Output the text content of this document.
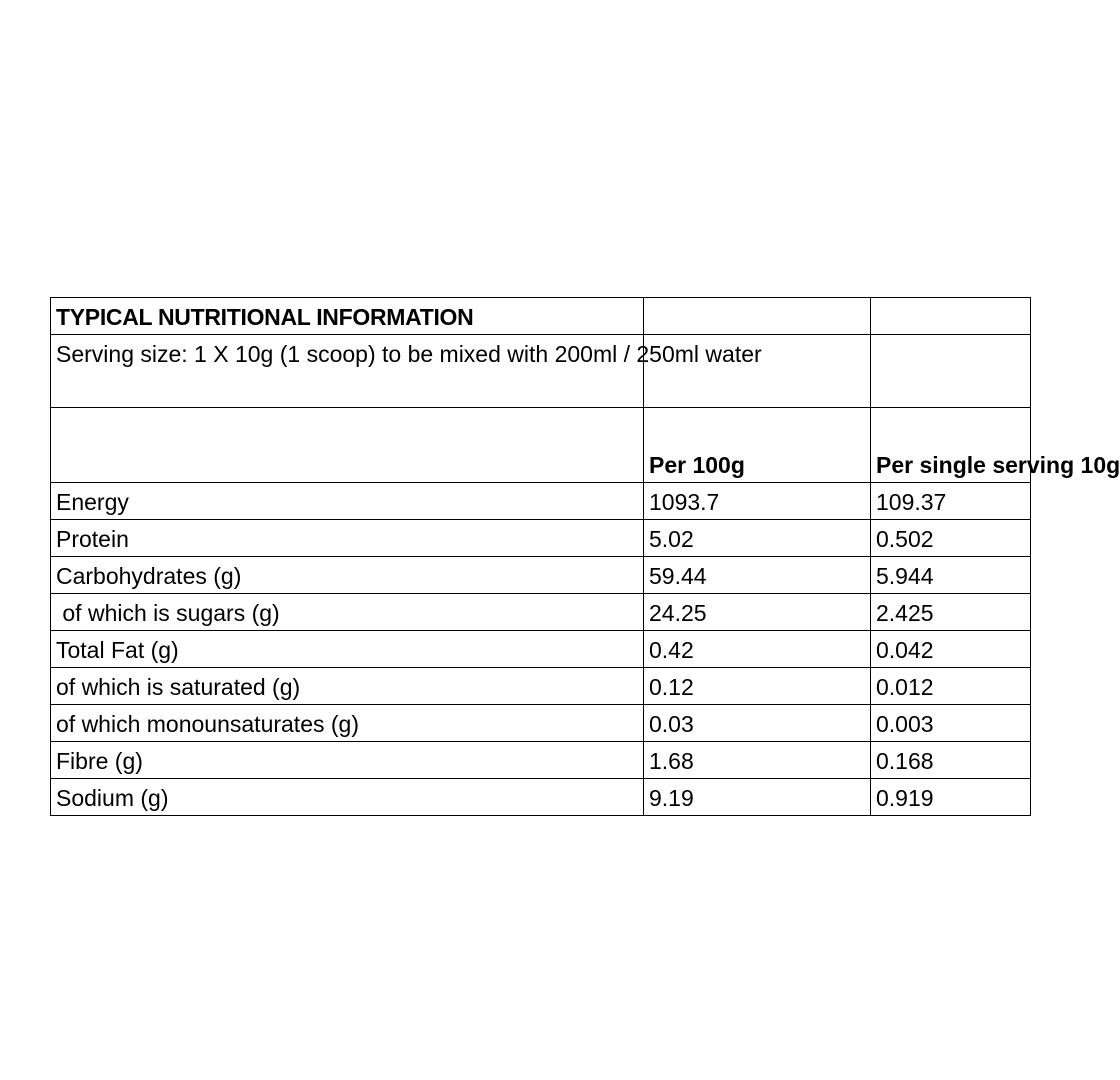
TYPICAL NUTRITIONAL INFORMATION		
Serving size: 1 X 10g (1 scoop) to be mixed with 200ml / 250ml water		
	Per 100g	Per single serving 10g
Energy	1093.7	109.37
Protein	5.02	0.502
Carbohydrates (g)	59.44	5.944
of which is sugars (g)	24.25	2.425
Total Fat (g)	0.42	0.042
of which is saturated (g)	0.12	0.012
of which monounsaturates (g)	0.03	0.003
Fibre (g)	1.68	0.168
Sodium (g)	9.19	0.919
